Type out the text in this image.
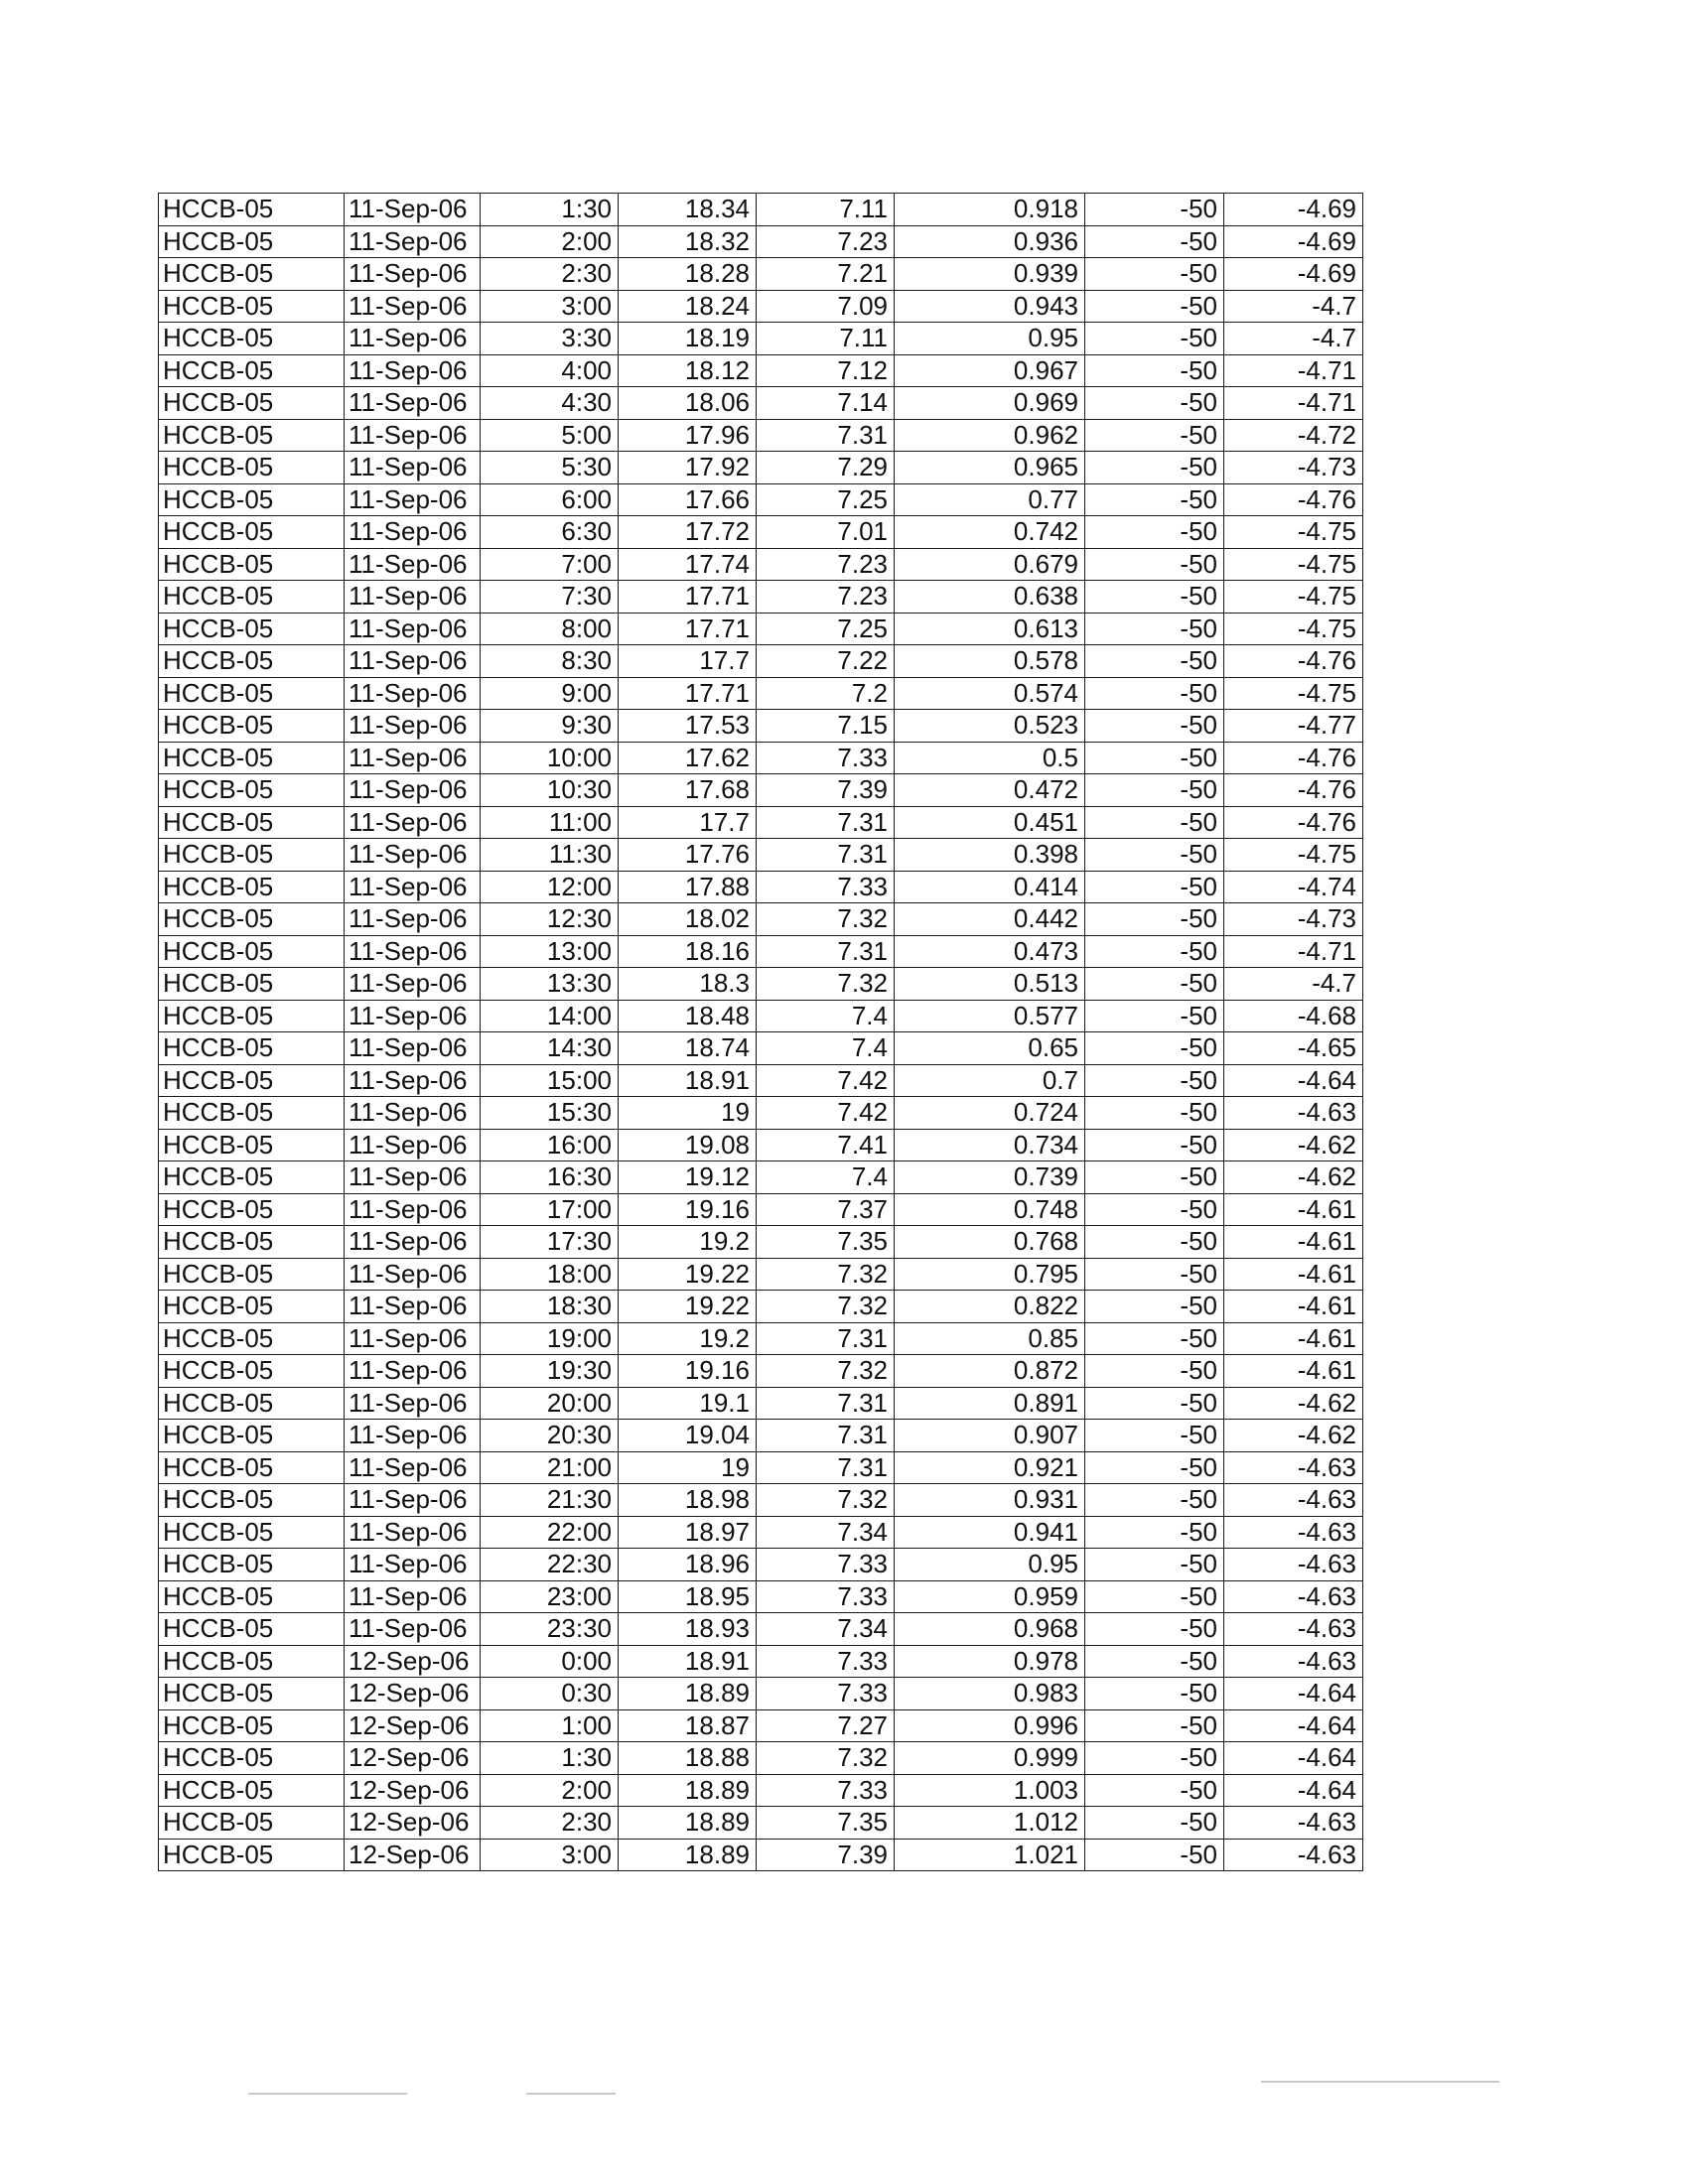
HCCB-05	11-Sep-06	1:30	18.34	7.11	0.918	-50	-4.69
HCCB-05	11-Sep-06	2:00	18.32	7.23	0.936	-50	-4.69
HCCB-05	11-Sep-06	2:30	18.28	7.21	0.939	-50	-4.69
HCCB-05	11-Sep-06	3:00	18.24	7.09	0.943	-50	-4.7
HCCB-05	11-Sep-06	3:30	18.19	7.11	0.95	-50	-4.7
HCCB-05	11-Sep-06	4:00	18.12	7.12	0.967	-50	-4.71
HCCB-05	11-Sep-06	4:30	18.06	7.14	0.969	-50	-4.71
HCCB-05	11-Sep-06	5:00	17.96	7.31	0.962	-50	-4.72
HCCB-05	11-Sep-06	5:30	17.92	7.29	0.965	-50	-4.73
HCCB-05	11-Sep-06	6:00	17.66	7.25	0.77	-50	-4.76
HCCB-05	11-Sep-06	6:30	17.72	7.01	0.742	-50	-4.75
HCCB-05	11-Sep-06	7:00	17.74	7.23	0.679	-50	-4.75
HCCB-05	11-Sep-06	7:30	17.71	7.23	0.638	-50	-4.75
HCCB-05	11-Sep-06	8:00	17.71	7.25	0.613	-50	-4.75
HCCB-05	11-Sep-06	8:30	17.7	7.22	0.578	-50	-4.76
HCCB-05	11-Sep-06	9:00	17.71	7.2	0.574	-50	-4.75
HCCB-05	11-Sep-06	9:30	17.53	7.15	0.523	-50	-4.77
HCCB-05	11-Sep-06	10:00	17.62	7.33	0.5	-50	-4.76
HCCB-05	11-Sep-06	10:30	17.68	7.39	0.472	-50	-4.76
HCCB-05	11-Sep-06	11:00	17.7	7.31	0.451	-50	-4.76
HCCB-05	11-Sep-06	11:30	17.76	7.31	0.398	-50	-4.75
HCCB-05	11-Sep-06	12:00	17.88	7.33	0.414	-50	-4.74
HCCB-05	11-Sep-06	12:30	18.02	7.32	0.442	-50	-4.73
HCCB-05	11-Sep-06	13:00	18.16	7.31	0.473	-50	-4.71
HCCB-05	11-Sep-06	13:30	18.3	7.32	0.513	-50	-4.7
HCCB-05	11-Sep-06	14:00	18.48	7.4	0.577	-50	-4.68
HCCB-05	11-Sep-06	14:30	18.74	7.4	0.65	-50	-4.65
HCCB-05	11-Sep-06	15:00	18.91	7.42	0.7	-50	-4.64
HCCB-05	11-Sep-06	15:30	19	7.42	0.724	-50	-4.63
HCCB-05	11-Sep-06	16:00	19.08	7.41	0.734	-50	-4.62
HCCB-05	11-Sep-06	16:30	19.12	7.4	0.739	-50	-4.62
HCCB-05	11-Sep-06	17:00	19.16	7.37	0.748	-50	-4.61
HCCB-05	11-Sep-06	17:30	19.2	7.35	0.768	-50	-4.61
HCCB-05	11-Sep-06	18:00	19.22	7.32	0.795	-50	-4.61
HCCB-05	11-Sep-06	18:30	19.22	7.32	0.822	-50	-4.61
HCCB-05	11-Sep-06	19:00	19.2	7.31	0.85	-50	-4.61
HCCB-05	11-Sep-06	19:30	19.16	7.32	0.872	-50	-4.61
HCCB-05	11-Sep-06	20:00	19.1	7.31	0.891	-50	-4.62
HCCB-05	11-Sep-06	20:30	19.04	7.31	0.907	-50	-4.62
HCCB-05	11-Sep-06	21:00	19	7.31	0.921	-50	-4.63
HCCB-05	11-Sep-06	21:30	18.98	7.32	0.931	-50	-4.63
HCCB-05	11-Sep-06	22:00	18.97	7.34	0.941	-50	-4.63
HCCB-05	11-Sep-06	22:30	18.96	7.33	0.95	-50	-4.63
HCCB-05	11-Sep-06	23:00	18.95	7.33	0.959	-50	-4.63
HCCB-05	11-Sep-06	23:30	18.93	7.34	0.968	-50	-4.63
HCCB-05	12-Sep-06	0:00	18.91	7.33	0.978	-50	-4.63
HCCB-05	12-Sep-06	0:30	18.89	7.33	0.983	-50	-4.64
HCCB-05	12-Sep-06	1:00	18.87	7.27	0.996	-50	-4.64
HCCB-05	12-Sep-06	1:30	18.88	7.32	0.999	-50	-4.64
HCCB-05	12-Sep-06	2:00	18.89	7.33	1.003	-50	-4.64
HCCB-05	12-Sep-06	2:30	18.89	7.35	1.012	-50	-4.63
HCCB-05	12-Sep-06	3:00	18.89	7.39	1.021	-50	-4.63
